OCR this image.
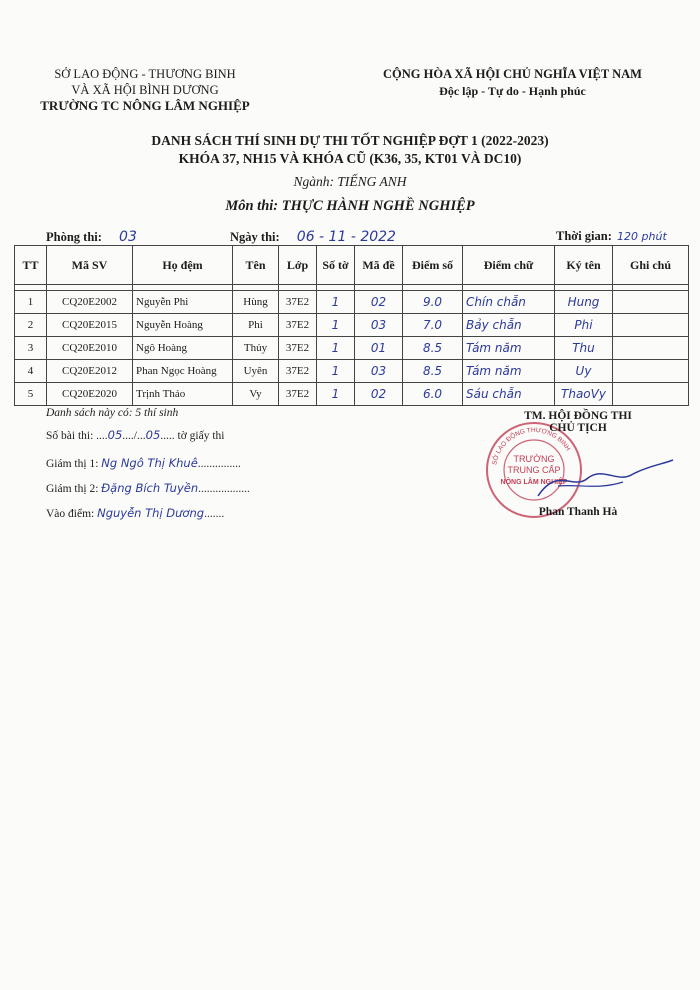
SỞ LAO ĐỘNG - THƯƠNG BINH
VÀ XÃ HỘI BÌNH DƯƠNG
TRƯỜNG TC NÔNG LÂM NGHIỆP
CỘNG HÒA XÃ HỘI CHỦ NGHĨA VIỆT NAM
Độc lập - Tự do - Hạnh phúc
DANH SÁCH THÍ SINH DỰ THI TỐT NGHIỆP ĐỢT 1 (2022-2023)
KHÓA 37, NH15 VÀ KHÓA CŨ (K36, 35, KT01 VÀ DC10)
Ngành: TIẾNG ANH
Môn thi: THỰC HÀNH NGHỀ NGHIỆP
Phòng thi: 03	Ngày thi: 06 - 11 - 2022	Thời gian: 120 phút
TT	Mã SV	Họ đệm	Tên	Lớp	Số tờ	Mã đề	Điểm số	Điểm chữ	Ký tên	Ghi chú

1	CQ20E2002	Nguyễn Phi	Hùng	37E2	1	02	9.0	Chín chẵn	Hung	
2	CQ20E2015	Nguyễn Hoàng	Phi	37E2	1	03	7.0	Bảy chẵn	Phi	
3	CQ20E2010	Ngô Hoàng	Thủy	37E2	1	01	8.5	Tám năm	Thu	
4	CQ20E2012	Phan Ngọc Hoàng	Uyên	37E2	1	03	8.5	Tám năm	Uy	
5	CQ20E2020	Trịnh Thảo	Vy	37E2	1	02	6.0	Sáu chẵn	ThaoVy	
Danh sách này có: 5 thí sinh
Số bài thi: ....05..../...05..... tờ giấy thi
Giám thị 1: Ng Ngô Thị Khuê...............
Giám thị 2: Đặng Bích Tuyền..................
Vào điểm: Nguyễn Thị Dương.......
SỞ LAO ĐỘNG THƯƠNG BINH
TRƯỜNG
TRUNG CẤP
NÔNG LÂM NGHIỆP
TM. HỘI ĐỒNG THI
CHỦ TỊCH
Phan Thanh Hà
